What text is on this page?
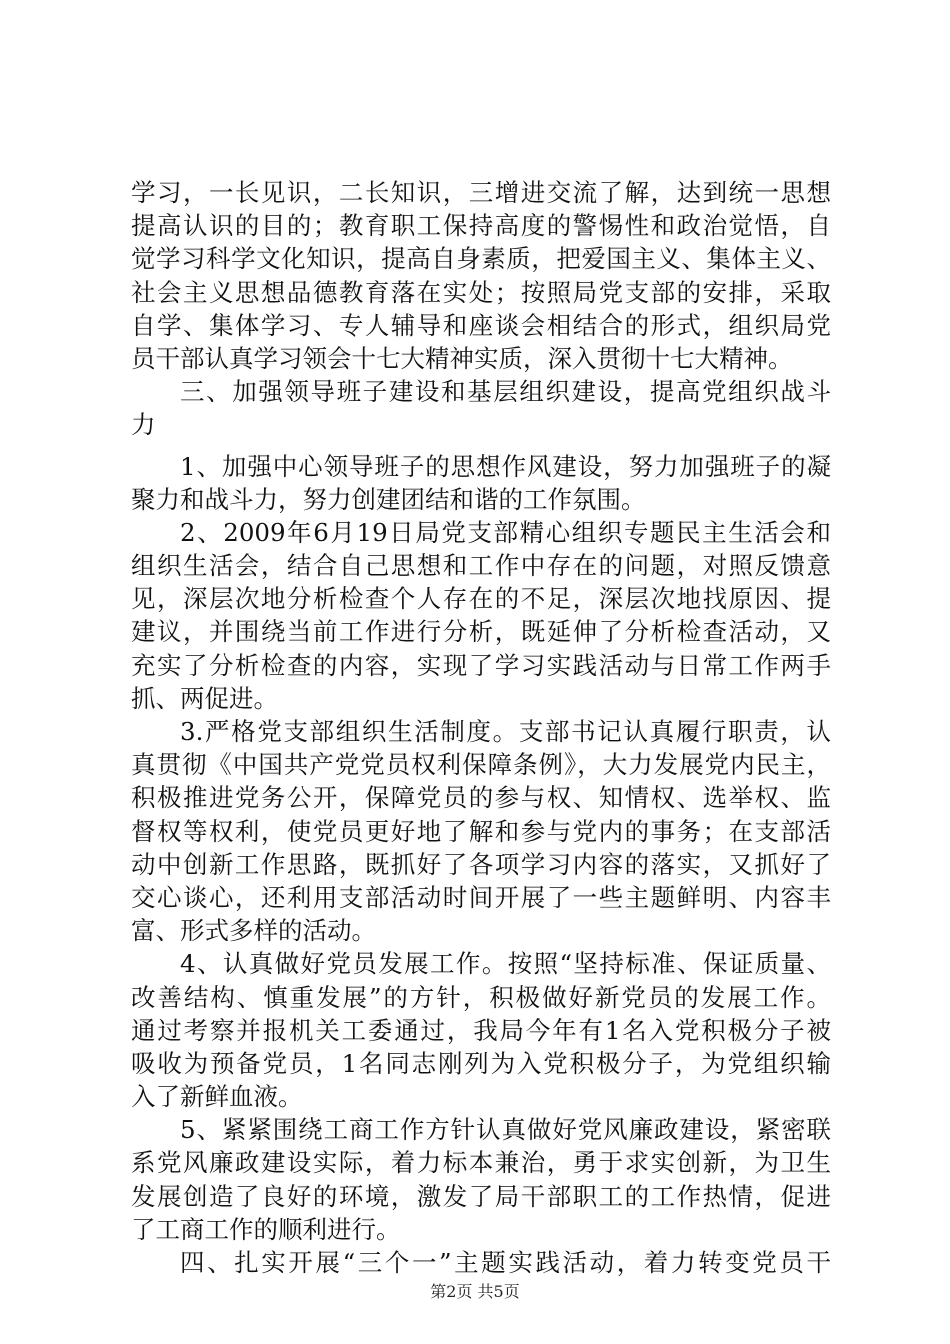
学习，一长见识，二长知识，三增进交流了解，达到统一思想
提高认识的目的；教育职工保持高度的警惕性和政治觉悟，自
觉学习科学文化知识，提高自身素质，把爱国主义、集体主义、
社会主义思想品德教育落在实处；按照局党支部的安排，采取
自学、集体学习、专人辅导和座谈会相结合的形式，组织局党
员干部认真学习领会十七大精神实质，深入贯彻十七大精神。
三、加强领导班子建设和基层组织建设，提高党组织战斗
力
1、加强中心领导班子的思想作风建设，努力加强班子的凝
聚力和战斗力，努力创建团结和谐的工作氛围。
2、2009年6月19日局党支部精心组织专题民主生活会和
组织生活会，结合自己思想和工作中存在的问题，对照反馈意
见，深层次地分析检查个人存在的不足，深层次地找原因、提
建议，并围绕当前工作进行分析，既延伸了分析检查活动，又
充实了分析检查的内容，实现了学习实践活动与日常工作两手
抓、两促进。
3.严格党支部组织生活制度。支部书记认真履行职责，认
真贯彻《中国共产党党员权利保障条例》，大力发展党内民主，
积极推进党务公开，保障党员的参与权、知情权、选举权、监
督权等权利，使党员更好地了解和参与党内的事务；在支部活
动中创新工作思路，既抓好了各项学习内容的落实，又抓好了
交心谈心，还利用支部活动时间开展了一些主题鲜明、内容丰
富、形式多样的活动。
4、认真做好党员发展工作。按照“坚持标准、保证质量、
改善结构、慎重发展”的方针，积极做好新党员的发展工作。
通过考察并报机关工委通过，我局今年有1名入党积极分子被
吸收为预备党员，1名同志刚列为入党积极分子，为党组织输
入了新鲜血液。
5、紧紧围绕工商工作方针认真做好党风廉政建设，紧密联
系党风廉政建设实际，着力标本兼治，勇于求实创新，为卫生
发展创造了良好的环境，激发了局干部职工的工作热情，促进
了工商工作的顺利进行。
四、扎实开展“三个一”主题实践活动，着力转变党员干
第2页 共5页
